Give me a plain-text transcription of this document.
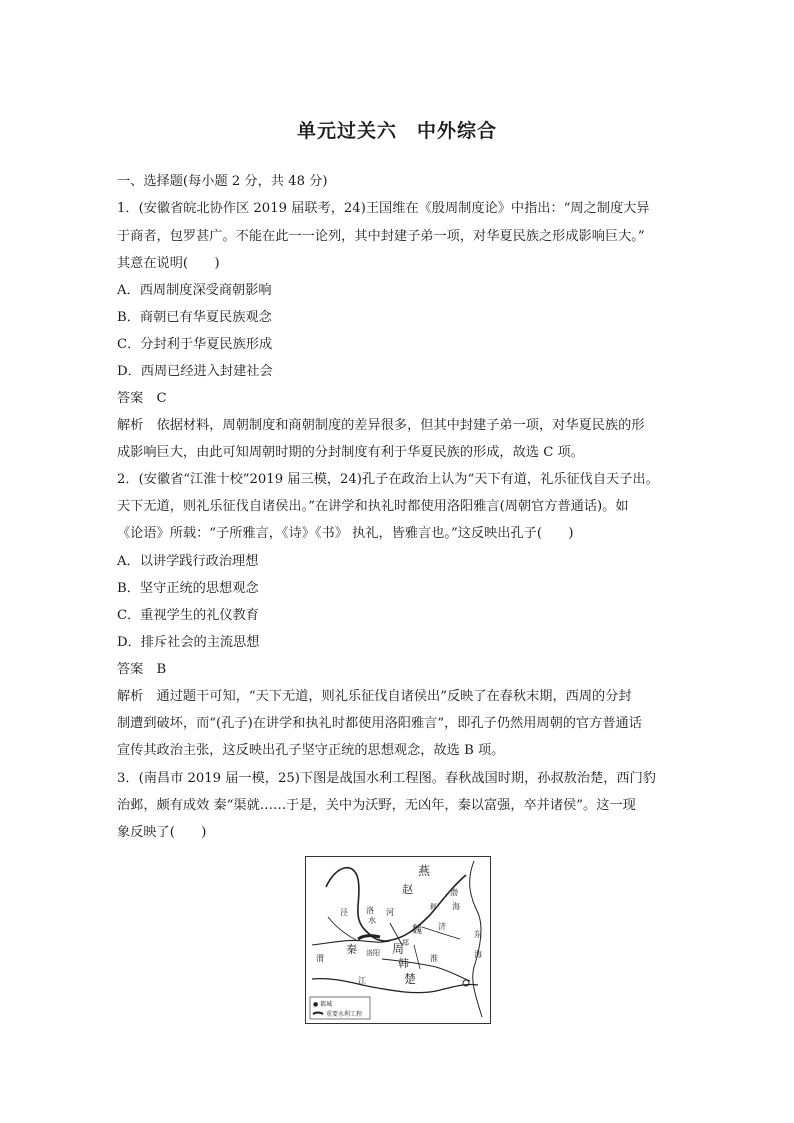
单元过关六　中外综合
一、选择题(每小题 2 分，共 48 分)
1．(安徽省皖北协作区 2019 届联考，24)王国维在《殷周制度论》中指出：“周之制度大异
于商者，包罗甚广。不能在此一一论列，其中封建子弟一项，对华夏民族之形成影响巨大。”
其意在说明(　　)
A．西周制度深受商朝影响
B．商朝已有华夏民族观念
C．分封利于华夏民族形成
D．西周已经进入封建社会
答案　C
解析　依据材料，周朝制度和商朝制度的差异很多，但其中封建子弟一项，对华夏民族的形
成影响巨大，由此可知周朝时期的分封制度有利于华夏民族的形成，故选 C 项。
2．(安徽省“江淮十校”2019 届三模，24)孔子在政治上认为“天下有道，礼乐征伐自天子出。
天下无道，则礼乐征伐自诸侯出。”在讲学和执礼时都使用洛阳雅言(周朝官方普通话)。如
《论语》所载：“子所雅言，《诗》《书》 执礼，皆雅言也。”这反映出孔子(　　)
A．以讲学践行政治理想
B．坚守正统的思想观念
C．重视学生的礼仪教育
D．排斥社会的主流思想
答案　B
解析　通过题干可知，“天下无道，则礼乐征伐自诸侯出”反映了在春秋末期，西周的分封
制遭到破坏，而“(孔子)在讲学和执礼时都使用洛阳雅言”，即孔子仍然用周朝的官方普通话
宣传其政治主张，这反映出孔子坚守正统的思想观念，故选 B 项。
3．(南昌市 2019 届一模，25)下图是战国水利工程图。春秋战国时期，孙叔敖治楚，西门豹
治邺，颇有成效 秦“渠就……于是，关中为沃野，无凶年，秦以富强，卒并诸侯”。这一现
象反映了(　　)
燕
赵	渤
海
泾 洛
水
河
秦
渭
魏
周
韩
洛阳
郑
济
淮
楚
江
东
海
邺
● 都城
重要水利工程
